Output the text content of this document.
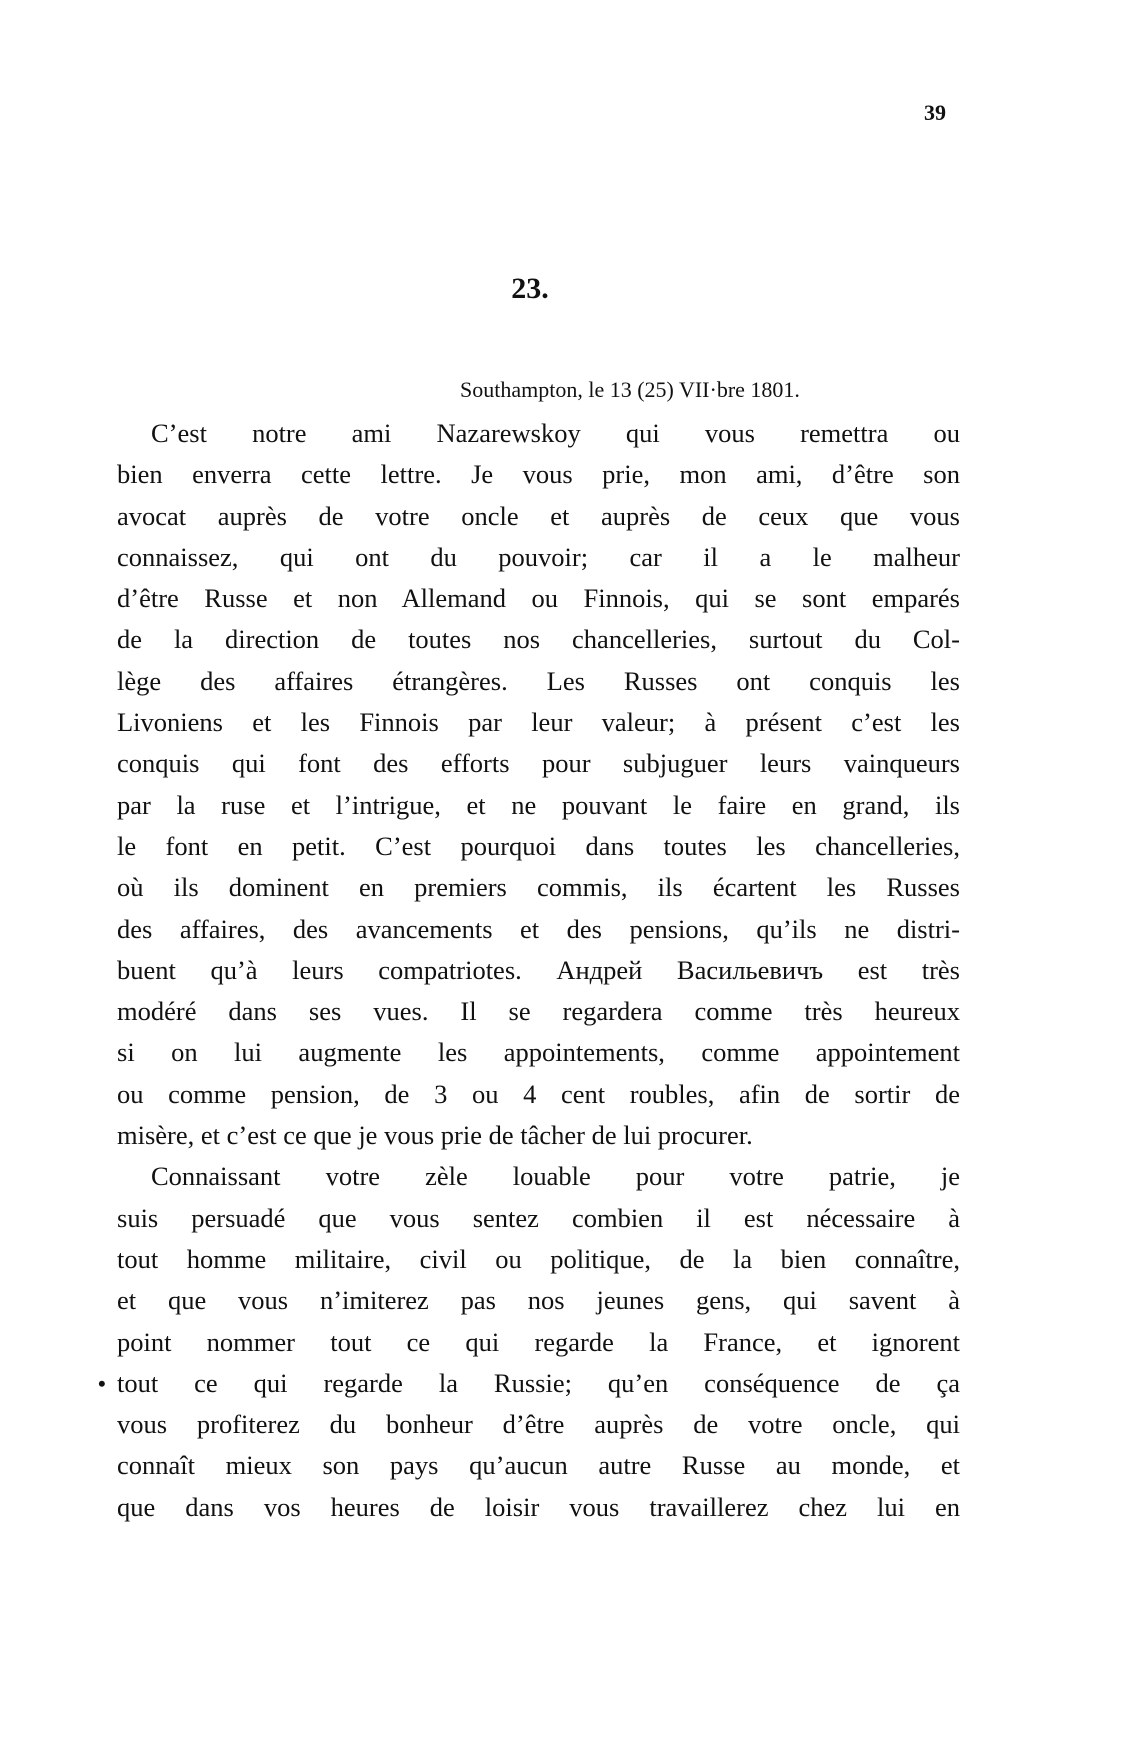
39
23.
Southampton, le 13 (25) VII·bre 1801.
•
C’est notre ami Nazarewskoy qui vous remettra ou
bien enverra cette lettre. Je vous prie, mon ami, d’être son
avocat auprès de votre oncle et auprès de ceux que vous
connaissez, qui ont du pouvoir; car il a le malheur
d’être Russe et non Allemand ou Finnois, qui se sont emparés
de la direction de toutes nos chancelleries, surtout du Col-
lège des affaires étrangères. Les Russes ont conquis les
Livoniens et les Finnois par leur valeur; à présent c’est les
conquis qui font des efforts pour subjuguer leurs vainqueurs
par la ruse et l’intrigue, et ne pouvant le faire en grand, ils
le font en petit. C’est pourquoi dans toutes les chancelleries,
où ils dominent en premiers commis, ils écartent les Russes
des affaires, des avancements et des pensions, qu’ils ne distri-
buent qu’à leurs compatriotes. Андрей Васильевичъ est très
modéré dans ses vues. Il se regardera comme très heureux
si on lui augmente les appointements, comme appointement
ou comme pension, de 3 ou 4 cent roubles, afin de sortir de
misère, et c’est ce que je vous prie de tâcher de lui procurer.
Connaissant votre zèle louable pour votre patrie, je
suis persuadé que vous sentez combien il est nécessaire à
tout homme militaire, civil ou politique, de la bien connaître,
et que vous n’imiterez pas nos jeunes gens, qui savent à
point nommer tout ce qui regarde la France, et ignorent
tout ce qui regarde la Russie; qu’en conséquence de ça
vous profiterez du bonheur d’être auprès de votre oncle, qui
connaît mieux son pays qu’aucun autre Russe au monde, et
que dans vos heures de loisir vous travaillerez chez lui en
